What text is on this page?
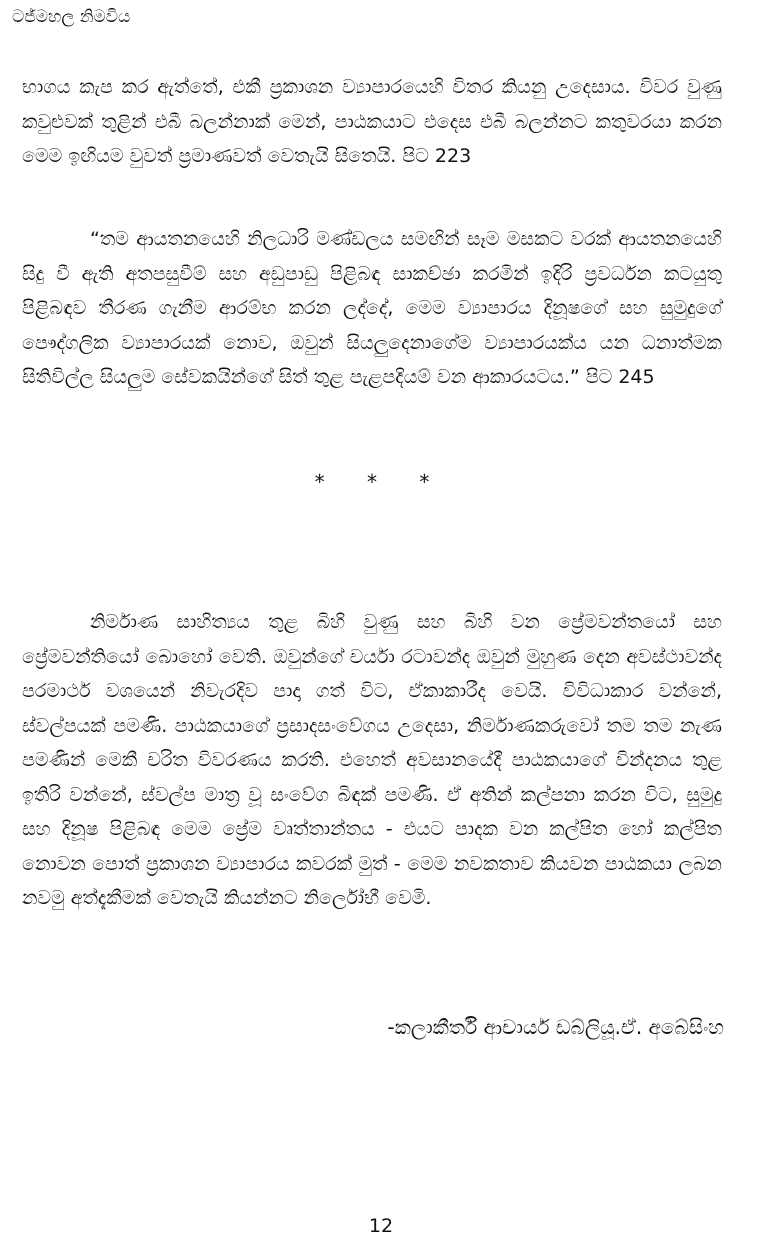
ටජ්මහල නිමවිය

භාගය කැප කර ඇත්තේ, එකී ප්‍රකාශන ව්‍යාපාරයෙහි විතර කියනු උදෙසාය. විවර වුණු කවුළුවක් තුළින් එබී බලන්නාක් මෙන්, පාඨකයාට එදෙස එබී බලන්නට කතුවරයා කරන මෙම ඉඟියම වුවත් ප්‍රමාණවත් වෙතැයි සිතෙයි. පිට 223

“තම ආයතනයෙහි නිලධාරි මණ්ඩලය සමඟින් සෑම මසකට වරක් ආයතනයෙහි සිදු වී ඇති අතපසුවීම් සහ අඩුපාඩු පිළිබඳ සාකච්ඡා කරමින් ඉදිරි ප්‍රවර්ධන කටයුතු පිළිබඳව තීරණ ගැනීම ආරම්භ කරන ලද්දේ, මෙම ව්‍යාපාරය දිනූෂගේ සහ සුමුදුගේ පෞද්ගලික ව්‍යාපාරයක් නොව, ඔවුන් සියලුදෙනාගේම ව්‍යාපාරයක්ය යන ධනාත්මක සිතිවිල්ල සියලුම සේවකයින්ගේ සිත් තුළ පැළපදියම් වන ආකාරයටය.” පිට 245

* * *

නිර්මාණ සාහිත්‍යය තුළ බිහි වුණු සහ බිහි වන ප්‍රේමවන්තයෝ සහ ප්‍රේමවන්තියෝ බොහෝ වෙති. ඔවුන්ගේ චර්යා රටාවන්ද ඔවුන් මුහුණ දෙන අවස්ථාවන්ද පරමාර්ථ වශයෙන් නිවැරදිව පාදා ගත් විට, ඒකාකාරීද වෙයි. විවිධාකාර වන්නේ, ස්වල්පයක් පමණි. පාඨකයාගේ ප්‍රසාදසංවේගය උදෙසා, නිර්මාණකරුවෝ තම තම නැණ පමණින් මෙකී චරිත විවරණය කරති. එහෙත් අවසානයේදී පාඨකයාගේ වින්දනය තුළ ඉතිරි වන්නේ, ස්වල්ප මාත්‍ර වූ සංවේග බිඳක් පමණි. ඒ අතින් කල්පනා කරන විට, සුමුදු සහ දිනූෂ පිළිබඳ මෙම ප්‍රේම වෘත්තාන්තය - එයට පාදක වන කල්පිත හෝ කල්පිත නොවන පොත් ප්‍රකාශන ව්‍යාපාරය කවරක් මුත් - මෙම නවකතාව කියවන පාඨකයා ලබන නවමු අත්දැකීමක් වෙතැයි කියන්නට නිර්ලෝභී වෙමි.

-කලාකීර්ති ආචාර්ය ඩබ්ලියූ.ඒ. අබේසිංහ
12
